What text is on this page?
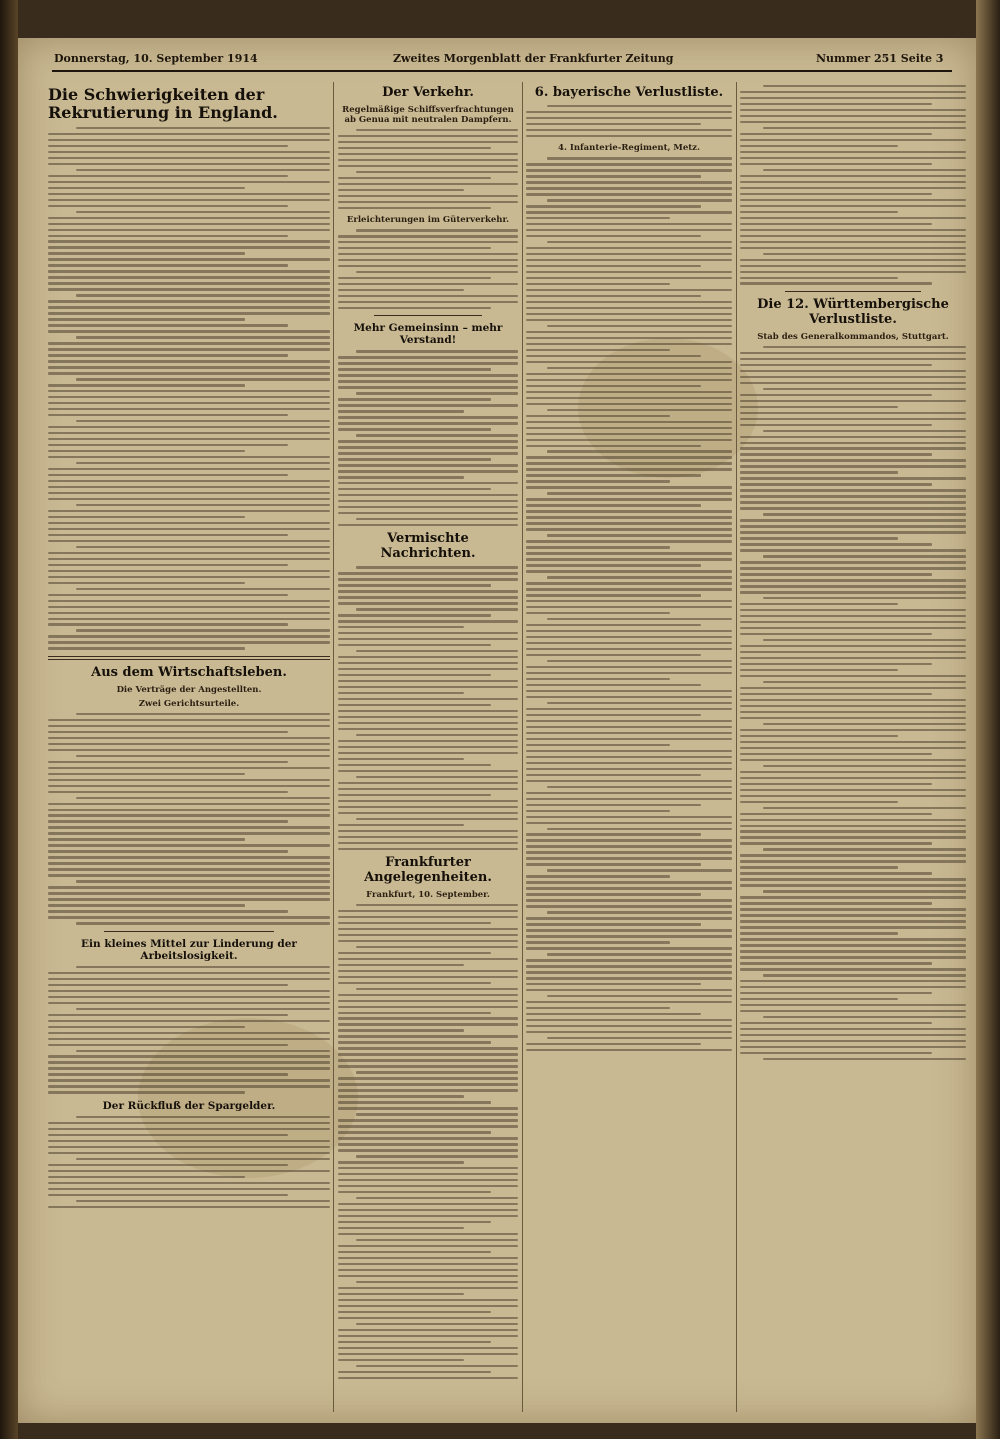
Donnerstag, 10. September 1914	Zweites Morgenblatt der Frankfurter Zeitung	Nummer 251 Seite 3
Die Schwierigkeiten der Rekrutierung in England.
Aus dem Wirtschaftsleben.
Die Verträge der Angestellten.
Zwei Gerichtsurteile.
Ein kleines Mittel zur Linderung der Arbeitslosigkeit.
Der Rückfluß der Spargelder.
Der Verkehr.
Regelmäßige Schiffsverfrachtungen ab Genua mit neutralen Dampfern.
Erleichterungen im Güterverkehr.
Mehr Gemeinsinn – mehr Verstand!
Vermischte Nachrichten.
Frankfurter Angelegenheiten.
Frankfurt, 10. September.
6. bayerische Verlustliste.
4. Infanterie-Regiment, Metz.
Die 12. Württembergische Verlustliste.
Stab des Generalkommandos, Stuttgart.
